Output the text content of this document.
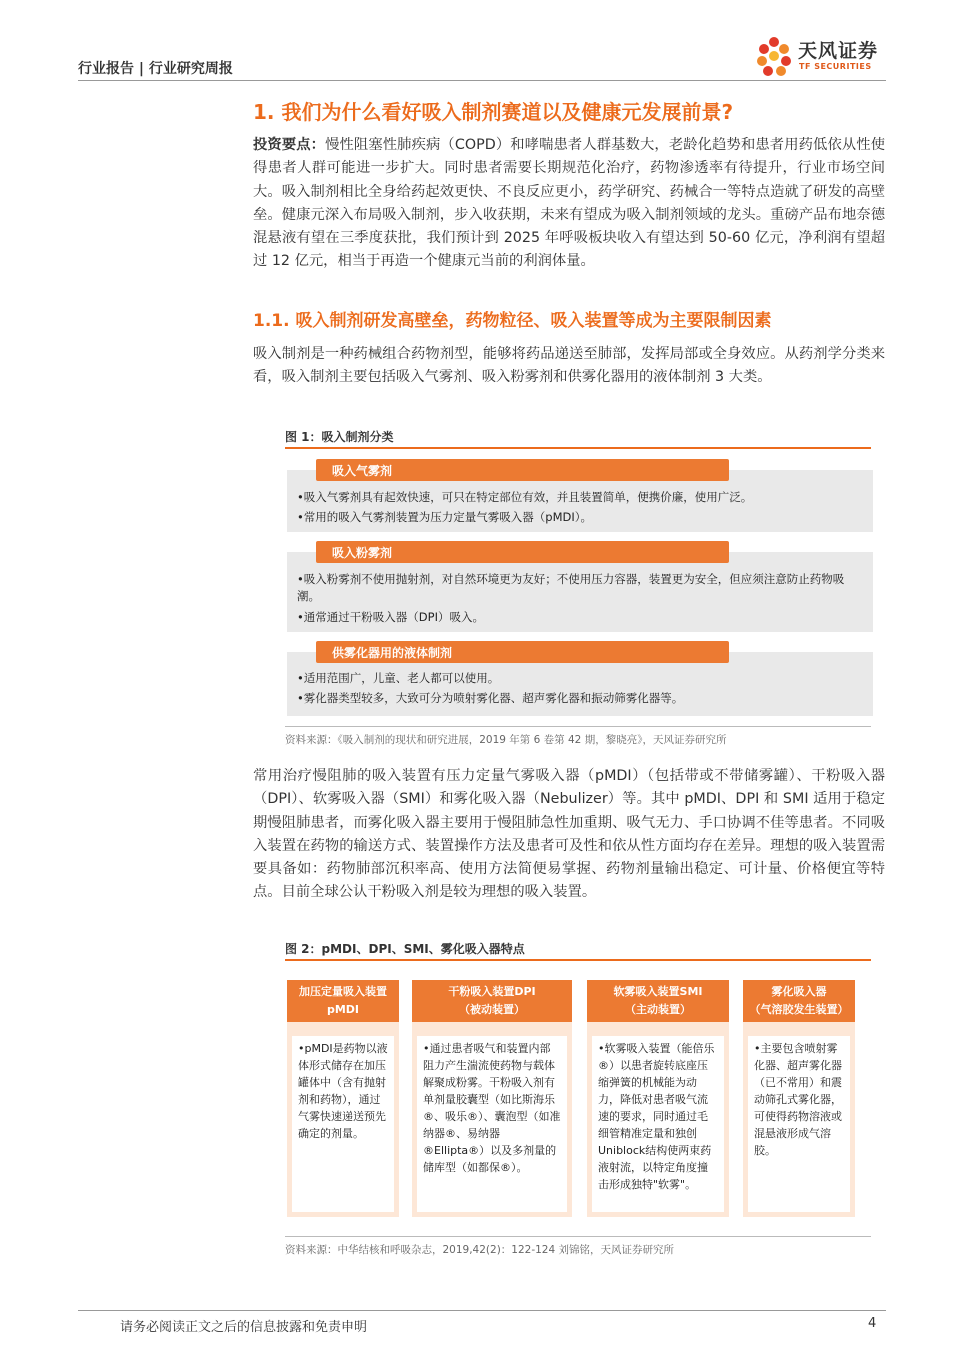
行业报告 | 行业研究周报
天风证券
TF SECURITIES
1. 我们为什么看好吸入制剂赛道以及健康元发展前景?

投资要点：慢性阻塞性肺疾病（COPD）和哮喘患者人群基数大，老龄化趋势和患者用药低依从性使得患者人群可能进一步扩大。同时患者需要长期规范化治疗，药物渗透率有待提升，行业市场空间大。吸入制剂相比全身给药起效更快、不良反应更小，药学研究、药械合一等特点造就了研发的高壁垒。健康元深入布局吸入制剂，步入收获期，未来有望成为吸入制剂领域的龙头。重磅产品布地奈德混悬液有望在三季度获批，我们预计到 2025 年呼吸板块收入有望达到 50-60 亿元，净利润有望超过 12 亿元，相当于再造一个健康元当前的利润体量。

1.1. 吸入制剂研发高壁垒，药物粒径、吸入装置等成为主要限制因素

吸入制剂是一种药械组合药物剂型，能够将药品递送至肺部，发挥局部或全身效应。从药剂学分类来看，吸入制剂主要包括吸入气雾剂、吸入粉雾剂和供雾化器用的液体制剂 3 大类。

图 1：吸入制剂分类
吸入气雾剂
•吸入气雾剂具有起效快速，可只在特定部位有效，并且装置简单，便携价廉，使用广泛。
•常用的吸入气雾剂装置为压力定量气雾吸入器（pMDI）。
吸入粉雾剂
•吸入粉雾剂不使用抛射剂，对自然环境更为友好；不使用压力容器，装置更为安全，但应须注意防止药物吸潮。
•通常通过干粉吸入器（DPI）吸入。
供雾化器用的液体制剂
•适用范围广，儿童、老人都可以使用。
•雾化器类型较多，大致可分为喷射雾化器、超声雾化器和振动筛雾化器等。
资料来源：《吸入制剂的现状和研究进展，2019 年第 6 卷第 42 期，黎晓亮》，天风证券研究所

常用治疗慢阻肺的吸入装置有压力定量气雾吸入器（pMDI）（包括带或不带储雾罐）、干粉吸入器（DPI）、软雾吸入器（SMI）和雾化吸入器（Nebulizer）等。其中 pMDI、DPI 和 SMI 适用于稳定期慢阻肺患者，而雾化吸入器主要用于慢阻肺急性加重期、吸气无力、手口协调不佳等患者。不同吸入装置在药物的输送方式、装置操作方法及患者可及性和依从性方面均存在差异。理想的吸入装置需要具备如：药物肺部沉积率高、使用方法简便易掌握、药物剂量输出稳定、可计量、价格便宜等特点。目前全球公认干粉吸入剂是较为理想的吸入装置。

图 2：pMDI、DPI、SMI、雾化吸入器特点
加压定量吸入装置
pMDI
•pMDI是药物以液体形式储存在加压罐体中（含有抛射剂和药物），通过气雾快速递送预先确定的剂量。
干粉吸入装置DPI
（被动装置）
•通过患者吸气和装置内部阻力产生湍流使药物与载体解聚成粉雾。干粉吸入剂有单剂量胶囊型（如比斯海乐®、吸乐®）、囊泡型（如准纳器®、易纳器®Ellipta®）以及多剂量的储库型（如都保®）。
软雾吸入装置SMI
（主动装置）
•软雾吸入装置（能倍乐®）以患者旋转底座压缩弹簧的机械能为动力，降低对患者吸气流速的要求，同时通过毛细管精准定量和独创Uniblock结构使两束药液射流，以特定角度撞击形成独特"软雾"。
雾化吸入器
（气溶胶发生装置）
•主要包含喷射雾化器、超声雾化器（已不常用）和震动筛孔式雾化器，可使得药物溶液或混悬液形成气溶胶。
资料来源：中华结核和呼吸杂志，2019,42(2)：122-124 刘锦铭，天风证券研究所
请务必阅读正文之后的信息披露和免责申明	4
